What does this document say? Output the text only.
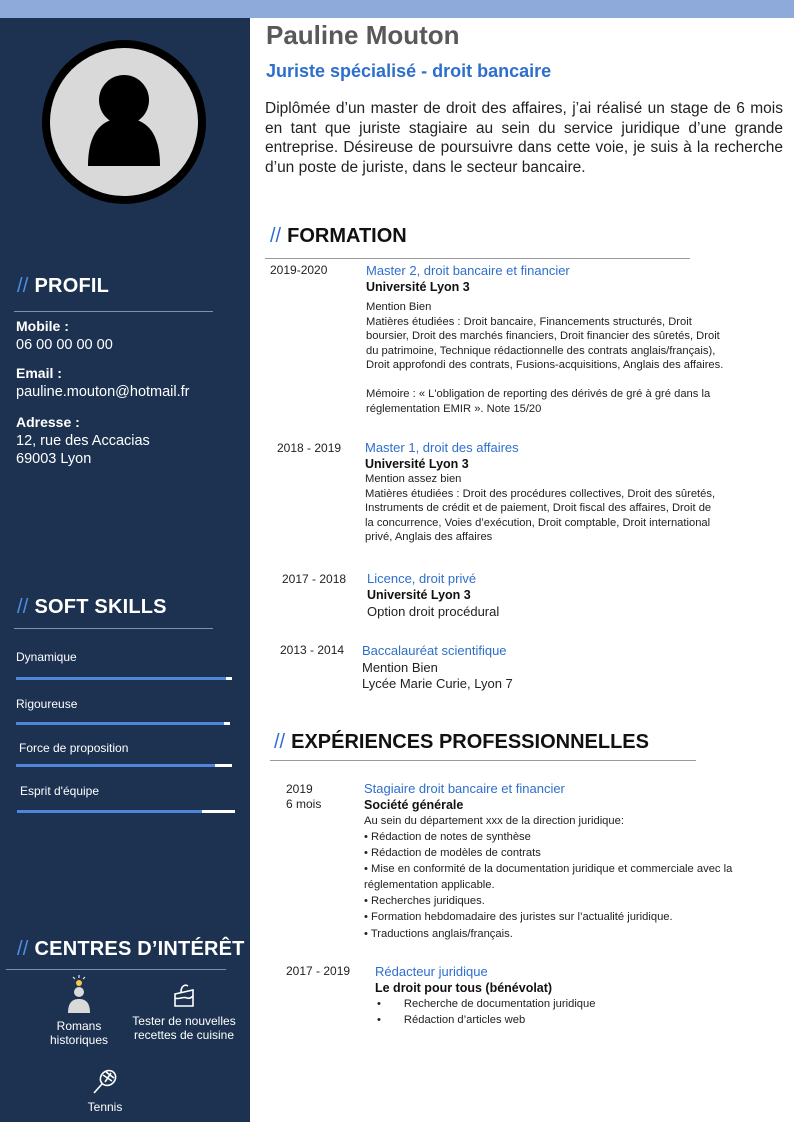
// PROFIL
Mobile :
06 00 00 00 00
Email :
pauline.mouton@hotmail.fr
Adresse :
12, rue des Accacias
69003 Lyon
// SOFT SKILLS
Dynamique
Rigoureuse
Force de proposition
Esprit d'équipe
// CENTRES D’INTÉRÊT
Romans
historiques
Tester de nouvelles
recettes de cuisine
Tennis
Pauline Mouton
Juriste spécialisé - droit bancaire
Diplômée d’un master de droit des affaires, j’ai réalisé un stage de 6 mois en tant que juriste stagiaire au sein du service juridique d’une grande entreprise. Désireuse de poursuivre dans cette voie, je suis à la recherche d’un poste de juriste, dans le secteur bancaire.
// FORMATION
2019-2020	Master 2, droit bancaire et financier
Université Lyon 3
Mention Bien
Matières étudiées : Droit bancaire, Financements structurés, Droit
boursier, Droit des marchés financiers, Droit financier des sûretés, Droit
du patrimoine, Technique rédactionnelle des contrats anglais/français),
Droit approfondi des contrats, Fusions-acquisitions, Anglais des affaires.
Mémoire : « L'obligation de reporting des dérivés de gré à gré dans la
réglementation EMIR ». Note 15/20
2018 - 2019 Master 1, droit des affaires
Université Lyon 3
Mention assez bien
Matières étudiées : Droit des procédures collectives, Droit des sûretés,
Instruments de crédit et de paiement, Droit fiscal des affaires, Droit de
la concurrence, Voies d’exécution, Droit comptable, Droit international
privé, Anglais des affaires
2017 - 2018 Licence, droit privé
Université Lyon 3
Option droit procédural
2013 - 2014 Baccalauréat scientifique
Mention Bien
Lycée Marie Curie, Lyon 7
// EXPÉRIENCES PROFESSIONNELLES
2019
6 mois
Stagiaire droit bancaire et financier
Société générale
Au sein du département xxx de la direction juridique:
• Rédaction de notes de synthèse
• Rédaction de modèles de contrats
• Mise en conformité de la documentation juridique et commerciale avec la
réglementation applicable.
• Recherches juridiques.
• Formation hebdomadaire des juristes sur l’actualité juridique.
• Traductions anglais/français.
2017 - 2019 Rédacteur juridique
Le droit pour tous (bénévolat)
• Recherche de documentation juridique
• Rédaction d’articles web
